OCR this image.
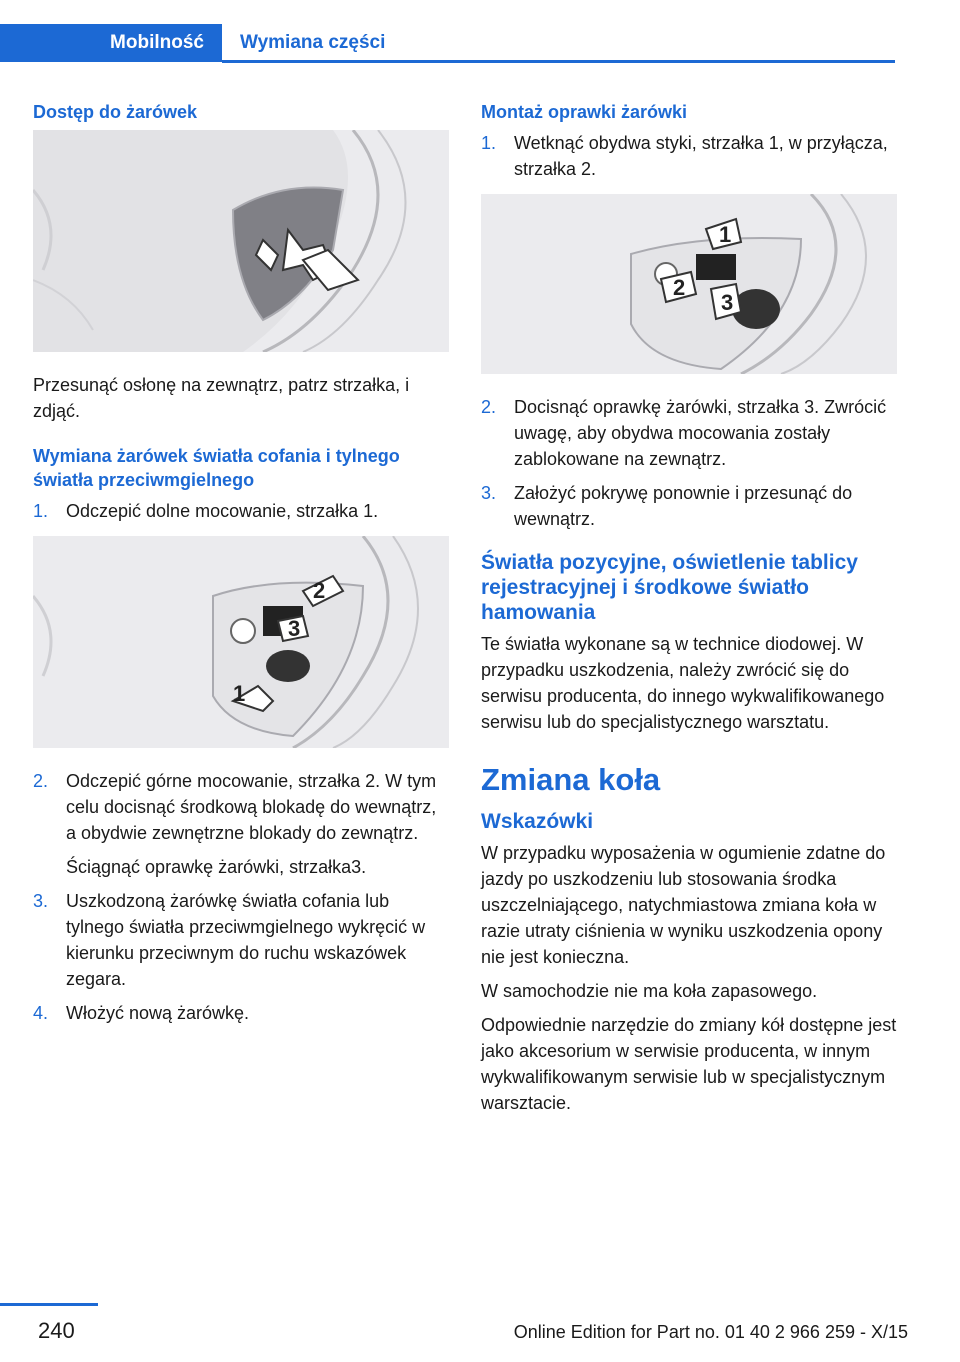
Mobilność	Wymiana części
Dostęp do żarówek
Przesunąć osłonę na zewnątrz, patrz strzałka, i zdjąć.
Wymiana żarówek światła cofania i tylnego światła przeciwmgielnego
1. Odczepić dolne mocowanie, strzałka 1.
1
2
3
2. Odczepić górne mocowanie, strzałka 2. W tym celu docisnąć środkową blokadę do wewnątrz, a obydwie zewnętrzne blokady do zewnątrz.
Ściągnąć oprawkę żarówki, strzałka3.
3. Uszkodzoną żarówkę światła cofania lub tylnego światła przeciwmgielnego wykręcić w kierunku przeciwnym do ruchu wskazówek zegara.
4. Włożyć nową żarówkę.
Montaż oprawki żarówki
1. Wetknąć obydwa styki, strzałka 1, w przyłącza, strzałka 2.
1
2
3
2. Docisnąć oprawkę żarówki, strzałka 3. Zwrócić uwagę, aby obydwa mocowania zostały zablokowane na zewnątrz.
3. Założyć pokrywę ponownie i przesunąć do wewnątrz.
Światła pozycyjne, oświetlenie tablicy rejestracyjnej i środkowe światło hamowania
Te światła wykonane są w technice diodowej. W przypadku uszkodzenia, należy zwrócić się do serwisu producenta, do innego wykwalifikowanego serwisu lub do specjalistycznego warsztatu.
Zmiana koła
Wskazówki
W przypadku wyposażenia w ogumienie zdatne do jazdy po uszkodzeniu lub stosowania środka uszczelniającego, natychmiastowa zmiana koła w razie utraty ciśnienia w wyniku uszkodzenia opony nie jest konieczna.
W samochodzie nie ma koła zapasowego.
Odpowiednie narzędzie do zmiany kół dostępne jest jako akcesorium w serwisie producenta, w innym wykwalifikowanym serwisie lub w specjalistycznym warsztacie.
240	Online Edition for Part no. 01 40 2 966 259 - X/15
